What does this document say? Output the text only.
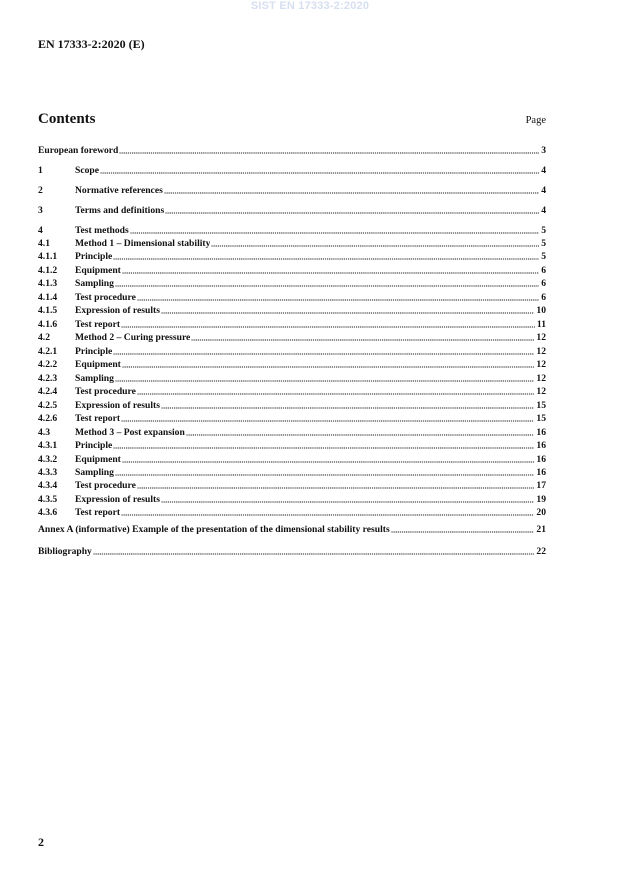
SIST EN 17333-2:2020
EN 17333-2:2020 (E)
Contents	Page
European foreword	3
1	Scope	4
2	Normative references	4
3	Terms and definitions	4
4	Test methods	5
4.1	Method 1 – Dimensional stability	5
4.1.1	Principle	5
4.1.2	Equipment	6
4.1.3	Sampling	6
4.1.4	Test procedure	6
4.1.5	Expression of results	10
4.1.6	Test report	11
4.2	Method 2 – Curing pressure	12
4.2.1	Principle	12
4.2.2	Equipment	12
4.2.3	Sampling	12
4.2.4	Test procedure	12
4.2.5	Expression of results	15
4.2.6	Test report	15
4.3	Method 3 – Post expansion	16
4.3.1	Principle	16
4.3.2	Equipment	16
4.3.3	Sampling	16
4.3.4	Test procedure	17
4.3.5	Expression of results	19
4.3.6	Test report	20
Annex A (informative) Example of the presentation of the dimensional stability results	21
Bibliography	22
2
